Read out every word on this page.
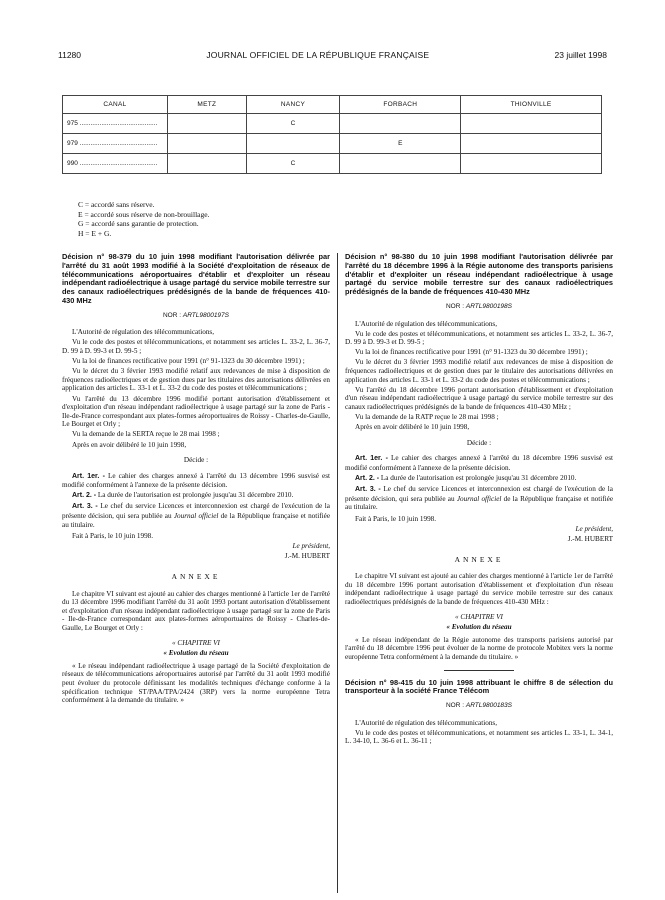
11280	JOURNAL OFFICIEL DE LA RÉPUBLIQUE FRANÇAISE	23 juillet 1998
CANAL	METZ	NANCY	FORBACH	THIONVILLE
975 ...........................................		C		
979 ...........................................			E	
990 ...........................................		C		
C = accordé sans réserve.
E = accordé sous réserve de non-brouillage.
G = accordé sans garantie de protection.
H = E + G.
Décision n° 98-379 du 10 juin 1998 modifiant l'autorisation délivrée par l'arrêté du 31 août 1993 modifié à la Société d'exploitation de réseaux de télécommunications aéroportuaires d'établir et d'exploiter un réseau indépendant radioélectrique à usage partagé du service mobile terrestre sur des canaux radioélectriques prédésignés de la bande de fréquences 410-430 MHz
NOR : ARTL9800197S

L'Autorité de régulation des télécommunications,

Vu le code des postes et télécommunications, et notamment ses articles L. 33-2, L. 36-7, D. 99 à D. 99-3 et D. 99-5 ;

Vu la loi de finances rectificative pour 1991 (n° 91-1323 du 30 décembre 1991) ;

Vu le décret du 3 février 1993 modifié relatif aux redevances de mise à disposition de fréquences radioélectriques et de gestion dues par les titulaires des autorisations délivrées en application des articles L. 33-1 et L. 33-2 du code des postes et télécommunications ;

Vu l'arrêté du 13 décembre 1996 modifié portant autorisation d'établissement et d'exploitation d'un réseau indépendant radioélectrique à usage partagé sur la zone de Paris - Ile-de-France correspondant aux plates-formes aéroportuaires de Roissy - Charles-de-Gaulle, Le Bourget et Orly ;

Vu la demande de la SERTA reçue le 28 mai 1998 ;

Après en avoir délibéré le 10 juin 1998,

Décide :

Art. 1er. - Le cahier des charges annexé à l'arrêté du 13 décembre 1996 susvisé est modifié conformément à l'annexe de la présente décision.

Art. 2. - La durée de l'autorisation est prolongée jusqu'au 31 décembre 2010.

Art. 3. - Le chef du service Licences et interconnexion est chargé de l'exécution de la présente décision, qui sera publiée au Journal officiel de la République française et notifiée au titulaire.

Fait à Paris, le 10 juin 1998.

Le président,

J.-M. HUBERT

ANNEXE

Le chapitre VI suivant est ajouté au cahier des charges mentionné à l'article 1er de l'arrêté du 13 décembre 1996 modifiant l'arrêté du 31 août 1993 portant autorisation d'établissement et d'exploitation d'un réseau indépendant radioélectrique à usage partagé sur la zone de Paris - Ile-de-France correspondant aux plates-formes aéroportuaires de Roissy - Charles-de-Gaulle, Le Bourget et Orly :

« CHAPITRE VI
« Evolution du réseau

« Le réseau indépendant radioélectrique à usage partagé de la Société d'exploitation de réseaux de télécommunications aéroportuaires autorisé par l'arrêté du 31 août 1993 modifié peut évoluer du protocole définissant les modalités techniques d'échange conforme à la spécification technique ST/PAA/TPA/2424 (3RP) vers la norme européenne Tetra conformément à la demande du titulaire. »

Décision n° 98-380 du 10 juin 1998 modifiant l'autorisation délivrée par l'arrêté du 18 décembre 1996 à la Régie autonome des transports parisiens d'établir et d'exploiter un réseau indépendant radioélectrique à usage partagé du service mobile terrestre sur des canaux radioélectriques prédésignés de la bande de fréquences 410-430 MHz
NOR : ARTL9800198S

L'Autorité de régulation des télécommunications,

Vu le code des postes et télécommunications, et notamment ses articles L. 33-2, L. 36-7, D. 99 à D. 99-3 et D. 99-5 ;

Vu la loi de finances rectificative pour 1991 (n° 91-1323 du 30 décembre 1991) ;

Vu le décret du 3 février 1993 modifié relatif aux redevances de mise à disposition de fréquences radioélectriques et de gestion dues par le titulaire des autorisations délivrées en application des articles L. 33-1 et L. 33-2 du code des postes et télécommunications ;

Vu l'arrêté du 18 décembre 1996 portant autorisation d'établissement et d'exploitation d'un réseau indépendant radioélectrique à usage partagé du service mobile terrestre sur des canaux radioélectriques prédésignés de la bande de fréquences 410-430 MHz ;

Vu la demande de la RATP reçue le 28 mai 1998 ;

Après en avoir délibéré le 10 juin 1998,

Décide :

Art. 1er. - Le cahier des charges annexé à l'arrêté du 18 décembre 1996 susvisé est modifié conformément à l'annexe de la présente décision.

Art. 2. - La durée de l'autorisation est prolongée jusqu'au 31 décembre 2010.

Art. 3. - Le chef du service Licences et interconnexion est chargé de l'exécution de la présente décision, qui sera publiée au Journal officiel de la République française et notifiée au titulaire.

Fait à Paris, le 10 juin 1998.

Le président,

J.-M. HUBERT

ANNEXE

Le chapitre VI suivant est ajouté au cahier des charges mentionné à l'article 1er de l'arrêté du 18 décembre 1996 portant autorisation d'établissement et d'exploitation d'un réseau indépendant radioélectrique à usage partagé du service mobile terrestre sur des canaux radioélectriques prédésignés de la bande de fréquences 410-430 MHz :

« CHAPITRE VI
« Evolution du réseau

« Le réseau indépendant de la Régie autonome des transports parisiens autorisé par l'arrêté du 18 décembre 1996 peut évoluer de la norme de protocole Mobitex vers la norme européenne Tetra conformément à la demande du titulaire. »

Décision n° 98-415 du 10 juin 1998 attribuant le chiffre 8 de sélection du transporteur à la société France Télécom
NOR : ARTL9800183S

L'Autorité de régulation des télécommunications,

Vu le code des postes et télécommunications, et notamment ses articles L. 33-1, L. 34-1, L. 34-10, L. 36-6 et L. 36-11 ;
